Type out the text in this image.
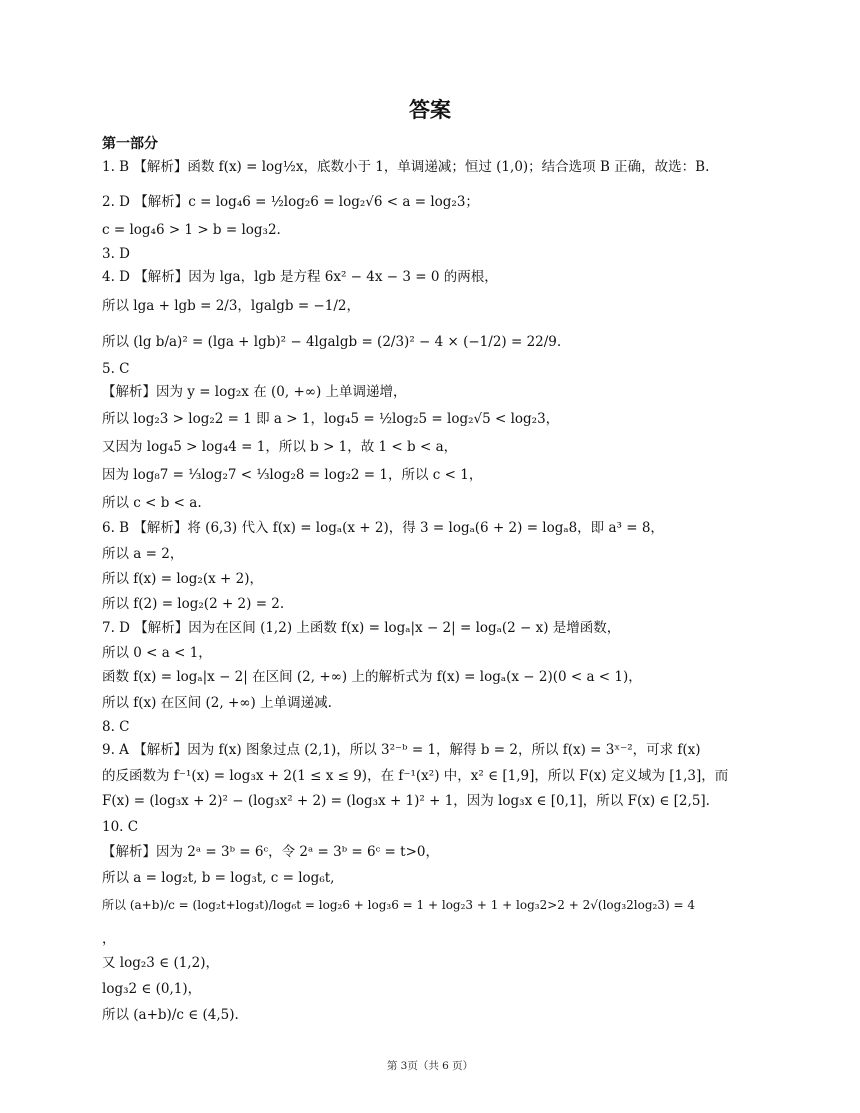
答案
第一部分
1. B 【解析】函数 f(x) = log½x，底数小于 1，单调递减；恒过 (1,0)；结合选项 B 正确，故选：B.
2. D 【解析】c = log₄6 = ½log₂6 = log₂√6 < a = log₂3；
c = log₄6 > 1 > b = log₃2.
3. D
4. D 【解析】因为 lga，lgb 是方程 6x² − 4x − 3 = 0 的两根，
所以 lga + lgb = 2/3，lgalgb = −1/2，
所以 (lg b/a)² = (lga + lgb)² − 4lgalgb = (2/3)² − 4 × (−1/2) = 22/9.
5. C
【解析】因为 y = log₂x 在 (0, +∞) 上单调递增，
所以 log₂3 > log₂2 = 1 即 a > 1，log₄5 = ½log₂5 = log₂√5 < log₂3，
又因为 log₄5 > log₄4 = 1，所以 b > 1，故 1 < b < a，
因为 log₈7 = ⅓log₂7 < ⅓log₂8 = log₂2 = 1，所以 c < 1，
所以 c < b < a.
6. B 【解析】将 (6,3) 代入 f(x) = logₐ(x + 2)，得 3 = logₐ(6 + 2) = logₐ8，即 a³ = 8，
所以 a = 2，
所以 f(x) = log₂(x + 2)，
所以 f(2) = log₂(2 + 2) = 2.
7. D 【解析】因为在区间 (1,2) 上函数 f(x) = logₐ|x − 2| = logₐ(2 − x) 是增函数，
所以 0 < a < 1，
函数 f(x) = logₐ|x − 2| 在区间 (2, +∞) 上的解析式为 f(x) = logₐ(x − 2)(0 < a < 1)，
所以 f(x) 在区间 (2, +∞) 上单调递减.
8. C
9. A 【解析】因为 f(x) 图象过点 (2,1)，所以 3²⁻ᵇ = 1，解得 b = 2，所以 f(x) = 3ˣ⁻²，可求 f(x)
的反函数为 f⁻¹(x) = log₃x + 2(1 ≤ x ≤ 9)，在 f⁻¹(x²) 中，x² ∈ [1,9]，所以 F(x) 定义域为 [1,3]，而
F(x) = (log₃x + 2)² − (log₃x² + 2) = (log₃x + 1)² + 1，因为 log₃x ∈ [0,1]，所以 F(x) ∈ [2,5].
10. C
【解析】因为 2ᵃ = 3ᵇ = 6ᶜ，令 2ᵃ = 3ᵇ = 6ᶜ = t>0，
所以 a = log₂t, b = log₃t, c = log₆t,
所以 (a+b)/c = (log₂t+log₃t)/log₆t = log₂6 + log₃6 = 1 + log₂3 + 1 + log₃2>2 + 2√(log₃2log₂3) = 4
，
又 log₂3 ∈ (1,2)，
log₃2 ∈ (0,1)，
所以 (a+b)/c ∈ (4,5).
第 3页（共 6 页）
